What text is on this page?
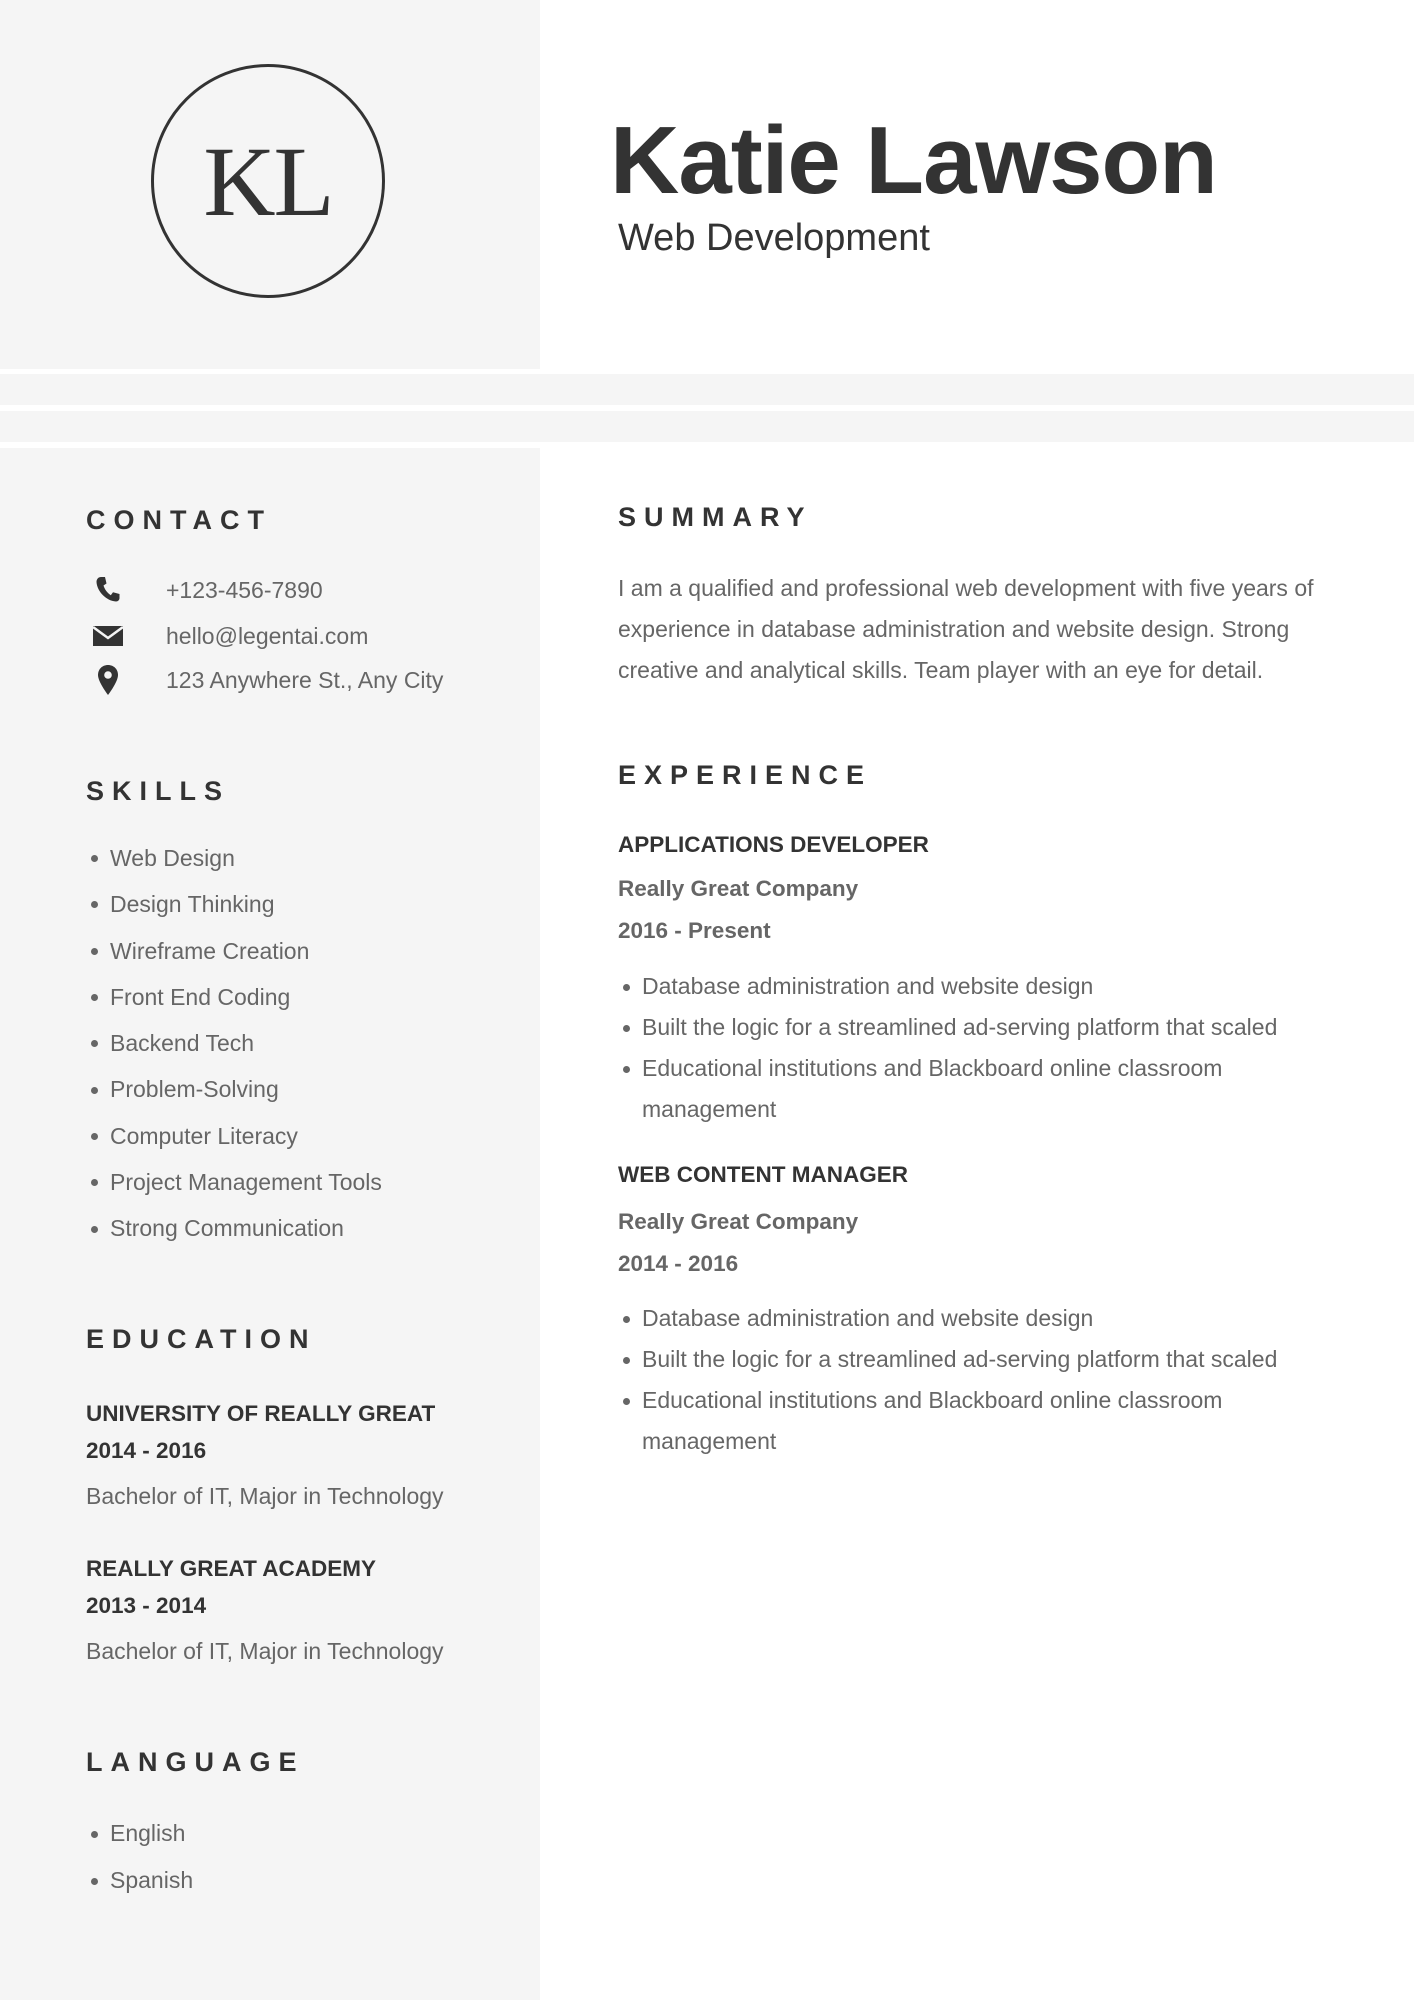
KL	Katie Lawson
Web Development
CONTACT
+123-456-7890
hello@legentai.com
123 Anywhere St., Any City
SKILLS
Web Design
Design Thinking
Wireframe Creation
Front End Coding
Backend Tech
Problem-Solving
Computer Literacy
Project Management Tools
Strong Communication
EDUCATION
UNIVERSITY OF REALLY GREAT
2014 - 2016
Bachelor of IT, Major in Technology
REALLY GREAT ACADEMY
2013 - 2014
Bachelor of IT, Major in Technology
LANGUAGE
English
Spanish
SUMMARY
I am a qualified and professional web development with five years of experience in database administration and website design. Strong creative and analytical skills. Team player with an eye for detail.
EXPERIENCE
APPLICATIONS DEVELOPER
Really Great Company
2016 - Present
Database administration and website design
Built the logic for a streamlined ad-serving platform that scaled
Educational institutions and Blackboard online classroom management
WEB CONTENT MANAGER
Really Great Company
2014 - 2016
Database administration and website design
Built the logic for a streamlined ad-serving platform that scaled
Educational institutions and Blackboard online classroom management
